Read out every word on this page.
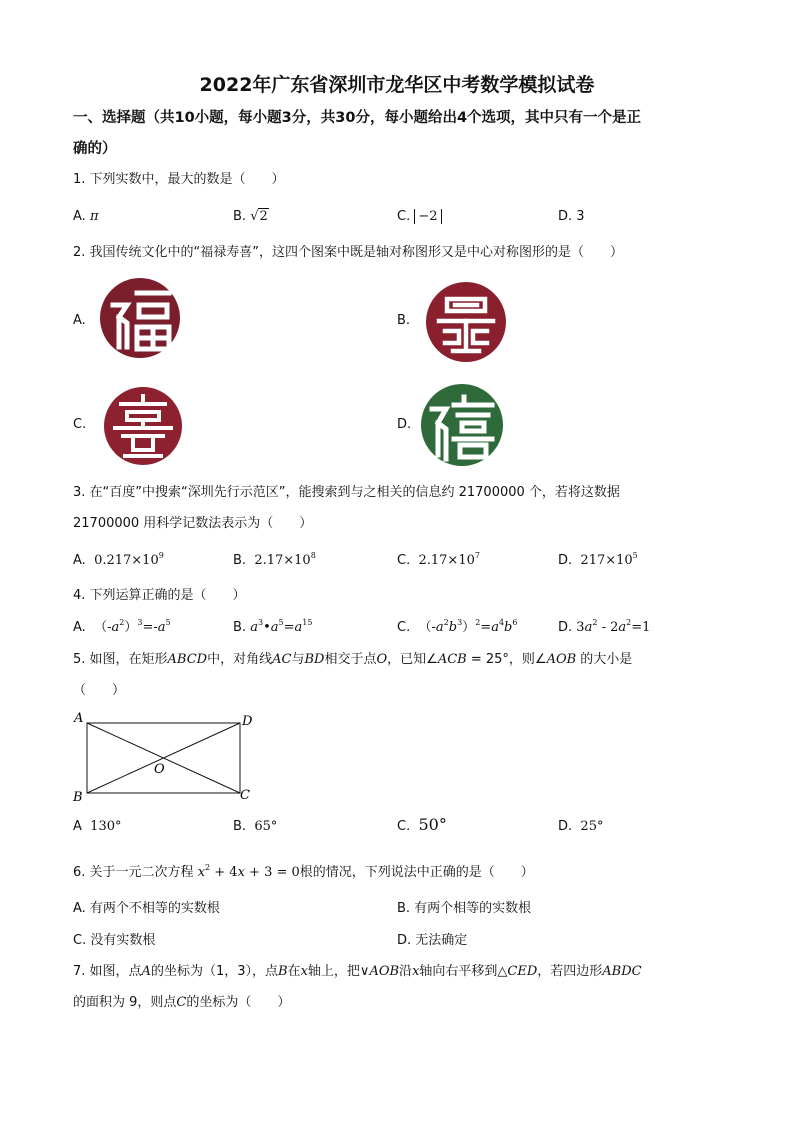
2022年广东省深圳市龙华区中考数学模拟试卷
一、选择题（共10小题，每小题3分，共30分，每小题给出4个选项，其中只有一个是正
确的）
1. 下列实数中，最大的数是（　　）
A. π	B. √2	C. −2	D. 3
2. 我国传统文化中的“福禄寿喜”，这四个图案中既是轴对称图形又是中心对称图形的是（　　）
A.	B.
C.	D.
3. 在“百度”中搜索“深圳先行示范区”，能搜索到与之相关的信息约 21700000 个，若将这数据
21700000 用科学记数法表示为（　　）
A. $0.217\times 10^9$	B. $2.17\times 10^8$	C. $2.17\times 10^7$	D. $217\times 10^5$
4. 下列运算正确的是（　　）
A. $(-a^2)^3=-a^5$	B. $a^3•a^5=a^{15}$	C. $(-a^2b^3)^2=a^4b^6$	D. $3a^2 - 2a^2=1$
5. 如图，在矩形ABCD中，对角线AC与BD相交于点O，已知∠ACB = 25°，则∠AOB 的大小是
（　　）
A	D
B	C
O
A 130°	B. 65°	C. 50°	D. 25°
6. 关于一元二次方程 $x^2 + 4x + 3 = 0$根的情况，下列说法中正确的是（　　）
A. 有两个不相等的实数根	B. 有两个相等的实数根
C. 没有实数根	D. 无法确定
7. 如图，点A的坐标为（1，3），点B在x轴上，把∨AOB沿x轴向右平移到△CED，若四边形ABDC
的面积为 9，则点C的坐标为（　　）
